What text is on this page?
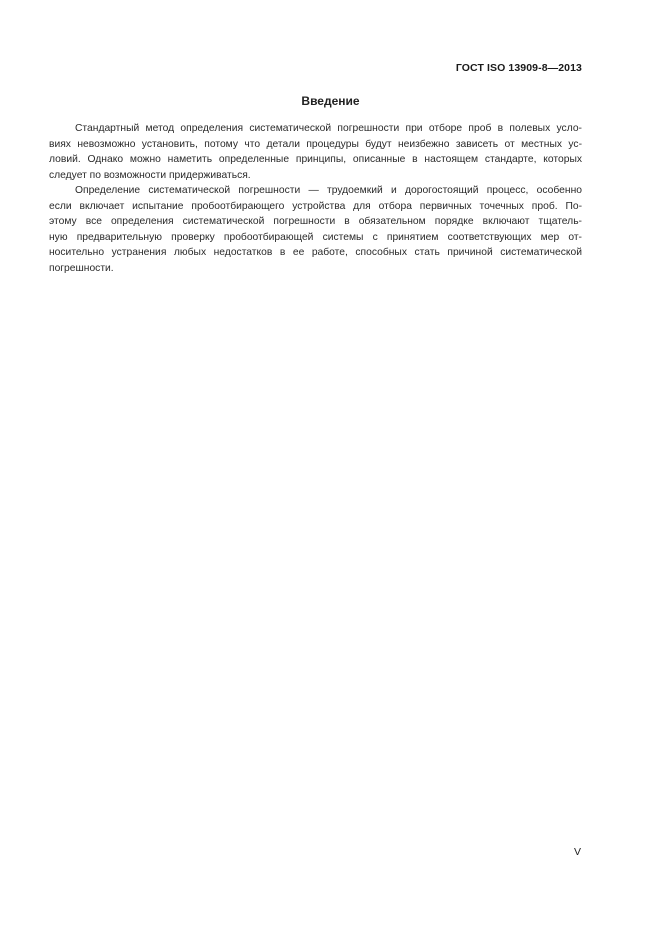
ГОСТ ISO 13909-8—2013
Введение
Стандартный метод определения систематической погрешности при отборе проб в полевых усло-
виях невозможно установить, потому что детали процедуры будут неизбежно зависеть от местных ус-
ловий. Однако можно наметить определенные принципы, описанные в настоящем стандарте, которых
следует по возможности придерживаться.
Определение систематической погрешности — трудоемкий и дорогостоящий процесс, особенно
если включает испытание пробоотбирающего устройства для отбора первичных точечных проб. По-
этому все определения систематической погрешности в обязательном порядке включают тщатель-
ную предварительную проверку пробоотбирающей системы с принятием соответствующих мер от-
носительно устранения любых недостатков в ее работе, способных стать причиной систематической
погрешности.
V
